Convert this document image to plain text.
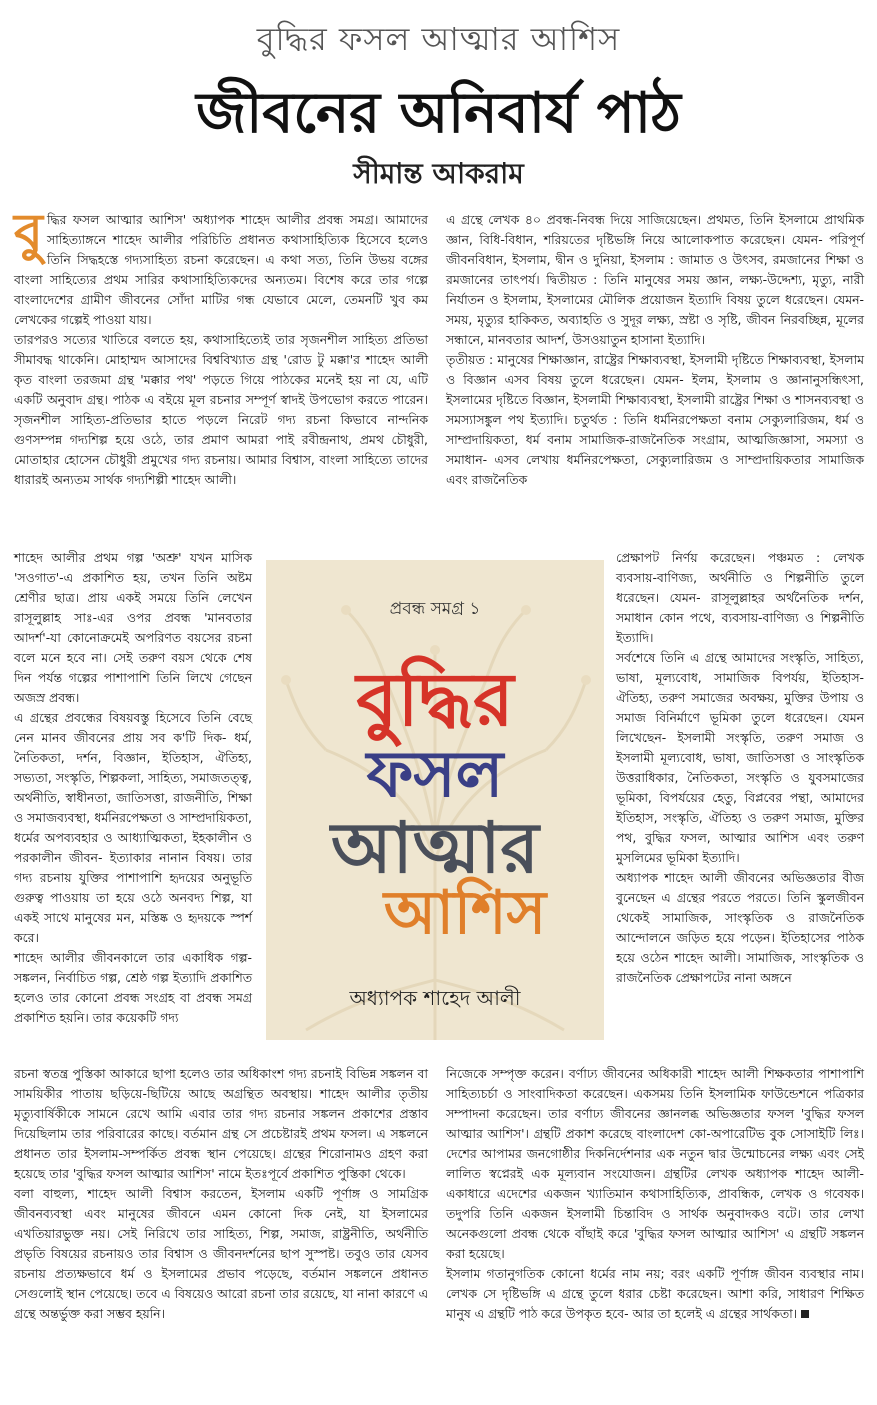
বুদ্ধির ফসল আত্মার আশিস
জীবনের অনিবার্য পাঠ
সীমান্ত আকরাম

বুদ্ধির ফসল আত্মার আশিস' অধ্যাপক শাহেদ আলীর প্রবন্ধ সমগ্র। আমাদের সাহিত্যাঙ্গনে শাহেদ আলীর পরিচিতি প্রধানত কথাসাহিত্যিক হিসেবে হলেও তিনি সিদ্ধহস্তে গদ্যসাহিত্য রচনা করেছেন। এ কথা সত্য, তিনি উভয় বঙ্গের বাংলা সাহিত্যের প্রথম সারির কথাসাহিত্যিকদের অন্যতম। বিশেষ করে তার গল্পে বাংলাদেশের গ্রামীণ জীবনের সোঁদা মাটির গন্ধ যেভাবে মেলে, তেমনটি খুব কম লেখকের গল্পেই পাওয়া যায়।

তারপরও সত্যের খাতিরে বলতে হয়, কথাসাহিত্যেই তার সৃজনশীল সাহিত্য প্রতিভা সীমাবদ্ধ থাকেনি। মোহাম্মদ আসাদের বিশ্ববিখ্যাত গ্রন্থ 'রোড টু মক্কা'র শাহেদ আলী কৃত বাংলা তরজমা গ্রন্থ 'মক্কার পথ' পড়তে গিয়ে পাঠকের মনেই হয় না যে, এটি একটি অনুবাদ গ্রন্থ। পাঠক এ বইয়ে মূল রচনার সম্পূর্ণ স্বাদই উপভোগ করতে পারেন। সৃজনশীল সাহিত্য-প্রতিভার হাতে পড়লে নিরেট গদ্য রচনা কিভাবে নান্দনিক গুণসম্পন্ন গদ্যশিল্প হয়ে ওঠে, তার প্রমাণ আমরা পাই রবীন্দ্রনাথ, প্রমথ চৌধুরী, মোতাহার হোসেন চৌধুরী প্রমুখের গদ্য রচনায়। আমার বিশ্বাস, বাংলা সাহিত্যে তাদের ধারারই অন্যতম সার্থক গদ্যশিল্পী শাহেদ আলী।

শাহেদ আলীর প্রথম গল্প 'অশ্রু' যখন মাসিক 'সওগাত'-এ প্রকাশিত হয়, তখন তিনি অষ্টম শ্রেণীর ছাত্র। প্রায় একই সময়ে তিনি লেখেন রাসূলুল্লাহ সাঃ-এর ওপর প্রবন্ধ 'মানবতার আদর্শ'-যা কোনোক্রমেই অপরিণত বয়সের রচনা বলে মনে হবে না। সেই তরুণ বয়স থেকে শেষ দিন পর্যন্ত গল্পের পাশাপাশি তিনি লিখে গেছেন অজস্র প্রবন্ধ।

এ গ্রন্থের প্রবন্ধের বিষয়বস্তু হিসেবে তিনি বেছে নেন মানব জীবনের প্রায় সব ক'টি দিক- ধর্ম, নৈতিকতা, দর্শন, বিজ্ঞান, ইতিহাস, ঐতিহ্য, সভ্যতা, সংস্কৃতি, শিল্পকলা, সাহিত্য, সমাজতত্ত্ব, অর্থনীতি, স্বাধীনতা, জাতিসত্তা, রাজনীতি, শিক্ষা ও সমাজব্যবস্থা, ধর্মনিরপেক্ষতা ও সাম্প্রদায়িকতা, ধর্মের অপব্যবহার ও আধ্যাত্মিকতা, ইহকালীন ও পরকালীন জীবন- ইত্যাকার নানান বিষয়। তার গদ্য রচনায় যুক্তির পাশাপাশি হৃদয়ের অনুভূতি গুরুত্ব পাওয়ায় তা হয়ে ওঠে অনবদ্য শিল্প, যা একই সাথে মানুষের মন, মস্তিষ্ক ও হৃদয়কে স্পর্শ করে।

শাহেদ আলীর জীবনকালে তার একাধিক গল্প-সঙ্কলন, নির্বাচিত গল্প, শ্রেষ্ঠ গল্প ইত্যাদি প্রকাশিত হলেও তার কোনো প্রবন্ধ সংগ্রহ বা প্রবন্ধ সমগ্র প্রকাশিত হয়নি। তার কয়েকটি গদ্য

রচনা স্বতন্ত্র পুস্তিকা আকারে ছাপা হলেও তার অধিকাংশ গদ্য রচনাই বিভিন্ন সঙ্কলন বা সাময়িকীর পাতায় ছড়িয়ে-ছিটিয়ে আছে অগ্রন্থিত অবস্থায়। শাহেদ আলীর তৃতীয় মৃত্যুবার্ষিকীকে সামনে রেখে আমি এবার তার গদ্য রচনার সঙ্কলন প্রকাশের প্রস্তাব দিয়েছিলাম তার পরিবারের কাছে। বর্তমান গ্রন্থ সে প্রচেষ্টারই প্রথম ফসল। এ সঙ্কলনে প্রধানত তার ইসলাম-সম্পর্কিত প্রবন্ধ স্থান পেয়েছে। গ্রন্থের শিরোনামও গ্রহণ করা হয়েছে তার 'বুদ্ধির ফসল আত্মার আশিস' নামে ইতঃপূর্বে প্রকাশিত পুস্তিকা থেকে।

বলা বাহুল্য, শাহেদ আলী বিশ্বাস করতেন, ইসলাম একটি পূর্ণাঙ্গ ও সামগ্রিক জীবনব্যবস্থা এবং মানুষের জীবনে এমন কোনো দিক নেই, যা ইসলামের এখতিয়ারভুক্ত নয়। সেই নিরিখে তার সাহিত্য, শিল্প, সমাজ, রাষ্ট্রনীতি, অর্থনীতি প্রভৃতি বিষয়ের রচনায়ও তার বিশ্বাস ও জীবনদর্শনের ছাপ সুস্পষ্ট। তবুও তার যেসব রচনায় প্রত্যক্ষভাবে ধর্ম ও ইসলামের প্রভাব পড়েছে, বর্তমান সঙ্কলনে প্রধানত সেগুলোই স্থান পেয়েছে। তবে এ বিষয়েও আরো রচনা তার রয়েছে, যা নানা কারণে এ গ্রন্থে অন্তর্ভুক্ত করা সম্ভব হয়নি।

এ গ্রন্থে লেখক ৪০ প্রবন্ধ-নিবন্ধ দিয়ে সাজিয়েছেন। প্রথমত, তিনি ইসলামে প্রাথমিক জ্ঞান, বিধি-বিধান, শরিয়তের দৃষ্টিভঙ্গি নিয়ে আলোকপাত করেছেন। যেমন- পরিপূর্ণ জীবনবিধান, ইসলাম, দ্বীন ও দুনিয়া, ইসলাম : জামাত ও উৎসব, রমজানের শিক্ষা ও রমজানের তাৎপর্য। দ্বিতীয়ত : তিনি মানুষের সময় জ্ঞান, লক্ষ্য-উদ্দেশ্য, মৃত্যু, নারী নির্যাতন ও ইসলাম, ইসলামের মৌলিক প্রয়োজন ইত্যাদি বিষয় তুলে ধরেছেন। যেমন- সময়, মৃত্যুর হাকিকত, অব্যাহতি ও সুদূর লক্ষ্য, স্রষ্টা ও সৃষ্টি, জীবন নিরবচ্ছিন্ন, মূলের সন্ধানে, মানবতার আদর্শ, উসওয়াতুন হাসানা ইত্যাদি।

তৃতীয়ত : মানুষের শিক্ষাজ্ঞান, রাষ্ট্রের শিক্ষাব্যবস্থা, ইসলামী দৃষ্টিতে শিক্ষাব্যবস্থা, ইসলাম ও বিজ্ঞান এসব বিষয় তুলে ধরেছেন। যেমন- ইলম, ইসলাম ও জ্ঞানানুসন্ধিৎসা, ইসলামের দৃষ্টিতে বিজ্ঞান, ইসলামী শিক্ষাব্যবস্থা, ইসলামী রাষ্ট্রের শিক্ষা ও শাসনব্যবস্থা ও সমস্যাসঙ্কুল পথ ইত্যাদি। চতুর্থত : তিনি ধর্মনিরপেক্ষতা বনাম সেক্যুলারিজম, ধর্ম ও সাম্প্রদায়িকতা, ধর্ম বনাম সামাজিক-রাজনৈতিক সংগ্রাম, আত্মজিজ্ঞাসা, সমস্যা ও সমাধান- এসব লেখায় ধর্মনিরপেক্ষতা, সেক্যুলারিজম ও সাম্প্রদায়িকতার সামাজিক এবং রাজনৈতিক

প্রেক্ষাপট নির্ণয় করেছেন। পঞ্চমত : লেখক ব্যবসায়-বাণিজ্য, অর্থনীতি ও শিল্পনীতি তুলে ধরেছেন। যেমন- রাসূলুল্লাহর অর্থনৈতিক দর্শন, সমাধান কোন পথে, ব্যবসায়-বাণিজ্য ও শিল্পনীতি ইত্যাদি।

সর্বশেষে তিনি এ গ্রন্থে আমাদের সংস্কৃতি, সাহিত্য, ভাষা, মূল্যবোধ, সামাজিক বিপর্যয়, ইতিহাস-ঐতিহ্য, তরুণ সমাজের অবক্ষয়, মুক্তির উপায় ও সমাজ বিনির্মাণে ভূমিকা তুলে ধরেছেন। যেমন লিখেছেন- ইসলামী সংস্কৃতি, তরুণ সমাজ ও ইসলামী মূল্যবোধ, ভাষা, জাতিসত্তা ও সাংস্কৃতিক উত্তরাধিকার, নৈতিকতা, সংস্কৃতি ও যুবসমাজের ভূমিকা, বিপর্যয়ের হেতু, বিপ্লবের পন্থা, আমাদের ইতিহাস, সংস্কৃতি, ঐতিহ্য ও তরুণ সমাজ, মুক্তির পথ, বুদ্ধির ফসল, আত্মার আশিস এবং তরুণ মুসলিমের ভূমিকা ইত্যাদি।

অধ্যাপক শাহেদ আলী জীবনের অভিজ্ঞতার বীজ বুনেছেন এ গ্রন্থের পরতে পরতে। তিনি স্কুলজীবন থেকেই সামাজিক, সাংস্কৃতিক ও রাজনৈতিক আন্দোলনে জড়িত হয়ে পড়েন। ইতিহাসের পাঠক হয়ে ওঠেন শাহেদ আলী। সামাজিক, সাংস্কৃতিক ও রাজনৈতিক প্রেক্ষাপটের নানা অঙ্গনে

নিজেকে সম্পৃক্ত করেন। বর্ণাঢ্য জীবনের অধিকারী শাহেদ আলী শিক্ষকতার পাশাপাশি সাহিত্যচর্চা ও সাংবাদিকতা করেছেন। একসময় তিনি ইসলামিক ফাউন্ডেশনে পত্রিকার সম্পাদনা করেছেন। তার বর্ণাঢ্য জীবনের জ্ঞানলব্ধ অভিজ্ঞতার ফসল 'বুদ্ধির ফসল আত্মার আশিস'। গ্রন্থটি প্রকাশ করেছে বাংলাদেশ কো-অপারেটিভ বুক সোসাইটি লিঃ। দেশের আপামর জনগোষ্ঠীর দিকনির্দেশনার এক নতুন দ্বার উন্মোচনের লক্ষ্য এবং সেই লালিত স্বপ্নেরই এক মূল্যবান সংযোজন। গ্রন্থটির লেখক অধ্যাপক শাহেদ আলী- একাধারে এদেশের একজন খ্যাতিমান কথাসাহিত্যিক, প্রাবন্ধিক, লেখক ও গবেষক। তদুপরি তিনি একজন ইসলামী চিন্তাবিদ ও সার্থক অনুবাদকও বটে। তার লেখা অনেকগুলো প্রবন্ধ থেকে বাঁছাই করে 'বুদ্ধির ফসল আত্মার আশিস' এ গ্রন্থটি সঙ্কলন করা হয়েছে।

ইসলাম গতানুগতিক কোনো ধর্মের নাম নয়; বরং একটি পূর্ণাঙ্গ জীবন ব্যবস্থার নাম। লেখক সে দৃষ্টিভঙ্গি এ গ্রন্থে তুলে ধরার চেষ্টা করেছেন। আশা করি, সাধারণ শিক্ষিত মানুষ এ গ্রন্থটি পাঠ করে উপকৃত হবে- আর তা হলেই এ গ্রন্থের সার্থকতা।

প্রবন্ধ সমগ্র ১
বুদ্ধির
ফসল
আত্মার
আশিস
অধ্যাপক শাহেদ আলী
